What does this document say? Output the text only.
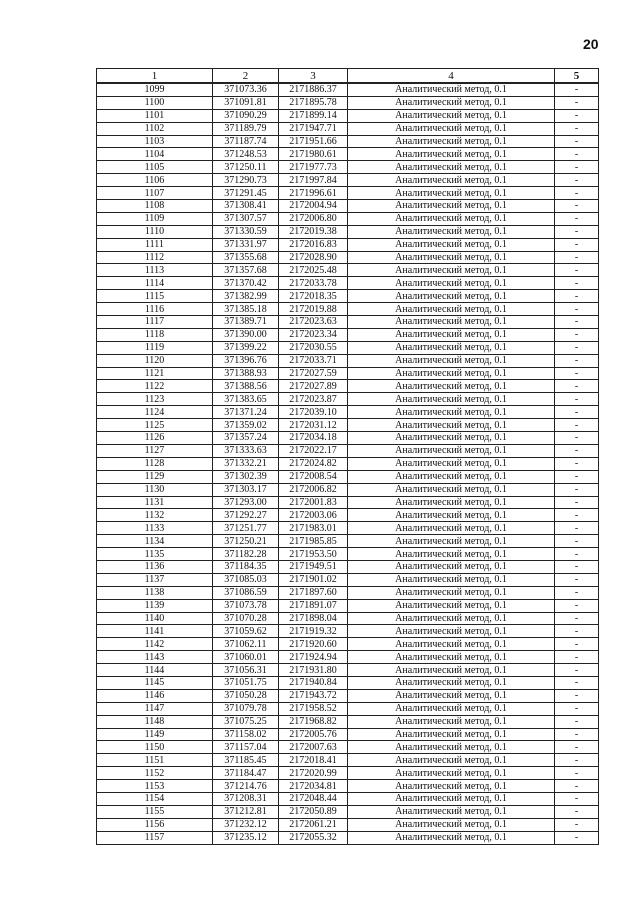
20
1	2	3	4	5
1099	371073.36	2171886.37	Аналитический метод, 0.1	-
1100	371091.81	2171895.78	Аналитический метод, 0.1	-
1101	371090.29	2171899.14	Аналитический метод, 0.1	-
1102	371189.79	2171947.71	Аналитический метод, 0.1	-
1103	371187.74	2171951.66	Аналитический метод, 0.1	-
1104	371248.53	2171980.61	Аналитический метод, 0.1	-
1105	371250.11	2171977.73	Аналитический метод, 0.1	-
1106	371290.73	2171997.84	Аналитический метод, 0.1	-
1107	371291.45	2171996.61	Аналитический метод, 0.1	-
1108	371308.41	2172004.94	Аналитический метод, 0.1	-
1109	371307.57	2172006.80	Аналитический метод, 0.1	-
1110	371330.59	2172019.38	Аналитический метод, 0.1	-
1111	371331.97	2172016.83	Аналитический метод, 0.1	-
1112	371355.68	2172028.90	Аналитический метод, 0.1	-
1113	371357.68	2172025.48	Аналитический метод, 0.1	-
1114	371370.42	2172033.78	Аналитический метод, 0.1	-
1115	371382.99	2172018.35	Аналитический метод, 0.1	-
1116	371385.18	2172019.88	Аналитический метод, 0.1	-
1117	371389.71	2172023.63	Аналитический метод, 0.1	-
1118	371390.00	2172023.34	Аналитический метод, 0.1	-
1119	371399.22	2172030.55	Аналитический метод, 0.1	-
1120	371396.76	2172033.71	Аналитический метод, 0.1	-
1121	371388.93	2172027.59	Аналитический метод, 0.1	-
1122	371388.56	2172027.89	Аналитический метод, 0.1	-
1123	371383.65	2172023.87	Аналитический метод, 0.1	-
1124	371371.24	2172039.10	Аналитический метод, 0.1	-
1125	371359.02	2172031.12	Аналитический метод, 0.1	-
1126	371357.24	2172034.18	Аналитический метод, 0.1	-
1127	371333.63	2172022.17	Аналитический метод, 0.1	-
1128	371332.21	2172024.82	Аналитический метод, 0.1	-
1129	371302.39	2172008.54	Аналитический метод, 0.1	-
1130	371303.17	2172006.82	Аналитический метод, 0.1	-
1131	371293.00	2172001.83	Аналитический метод, 0.1	-
1132	371292.27	2172003.06	Аналитический метод, 0.1	-
1133	371251.77	2171983.01	Аналитический метод, 0.1	-
1134	371250.21	2171985.85	Аналитический метод, 0.1	-
1135	371182.28	2171953.50	Аналитический метод, 0.1	-
1136	371184.35	2171949.51	Аналитический метод, 0.1	-
1137	371085.03	2171901.02	Аналитический метод, 0.1	-
1138	371086.59	2171897.60	Аналитический метод, 0.1	-
1139	371073.78	2171891.07	Аналитический метод, 0.1	-
1140	371070.28	2171898.04	Аналитический метод, 0.1	-
1141	371059.62	2171919.32	Аналитический метод, 0.1	-
1142	371062.11	2171920.60	Аналитический метод, 0.1	-
1143	371060.01	2171924.94	Аналитический метод, 0.1	-
1144	371056.31	2171931.80	Аналитический метод, 0.1	-
1145	371051.75	2171940.84	Аналитический метод, 0.1	-
1146	371050.28	2171943.72	Аналитический метод, 0.1	-
1147	371079.78	2171958.52	Аналитический метод, 0.1	-
1148	371075.25	2171968.82	Аналитический метод, 0.1	-
1149	371158.02	2172005.76	Аналитический метод, 0.1	-
1150	371157.04	2172007.63	Аналитический метод, 0.1	-
1151	371185.45	2172018.41	Аналитический метод, 0.1	-
1152	371184.47	2172020.99	Аналитический метод, 0.1	-
1153	371214.76	2172034.81	Аналитический метод, 0.1	-
1154	371208.31	2172048.44	Аналитический метод, 0.1	-
1155	371212.81	2172050.89	Аналитический метод, 0.1	-
1156	371232.12	2172061.21	Аналитический метод, 0.1	-
1157	371235.12	2172055.32	Аналитический метод, 0.1	-
